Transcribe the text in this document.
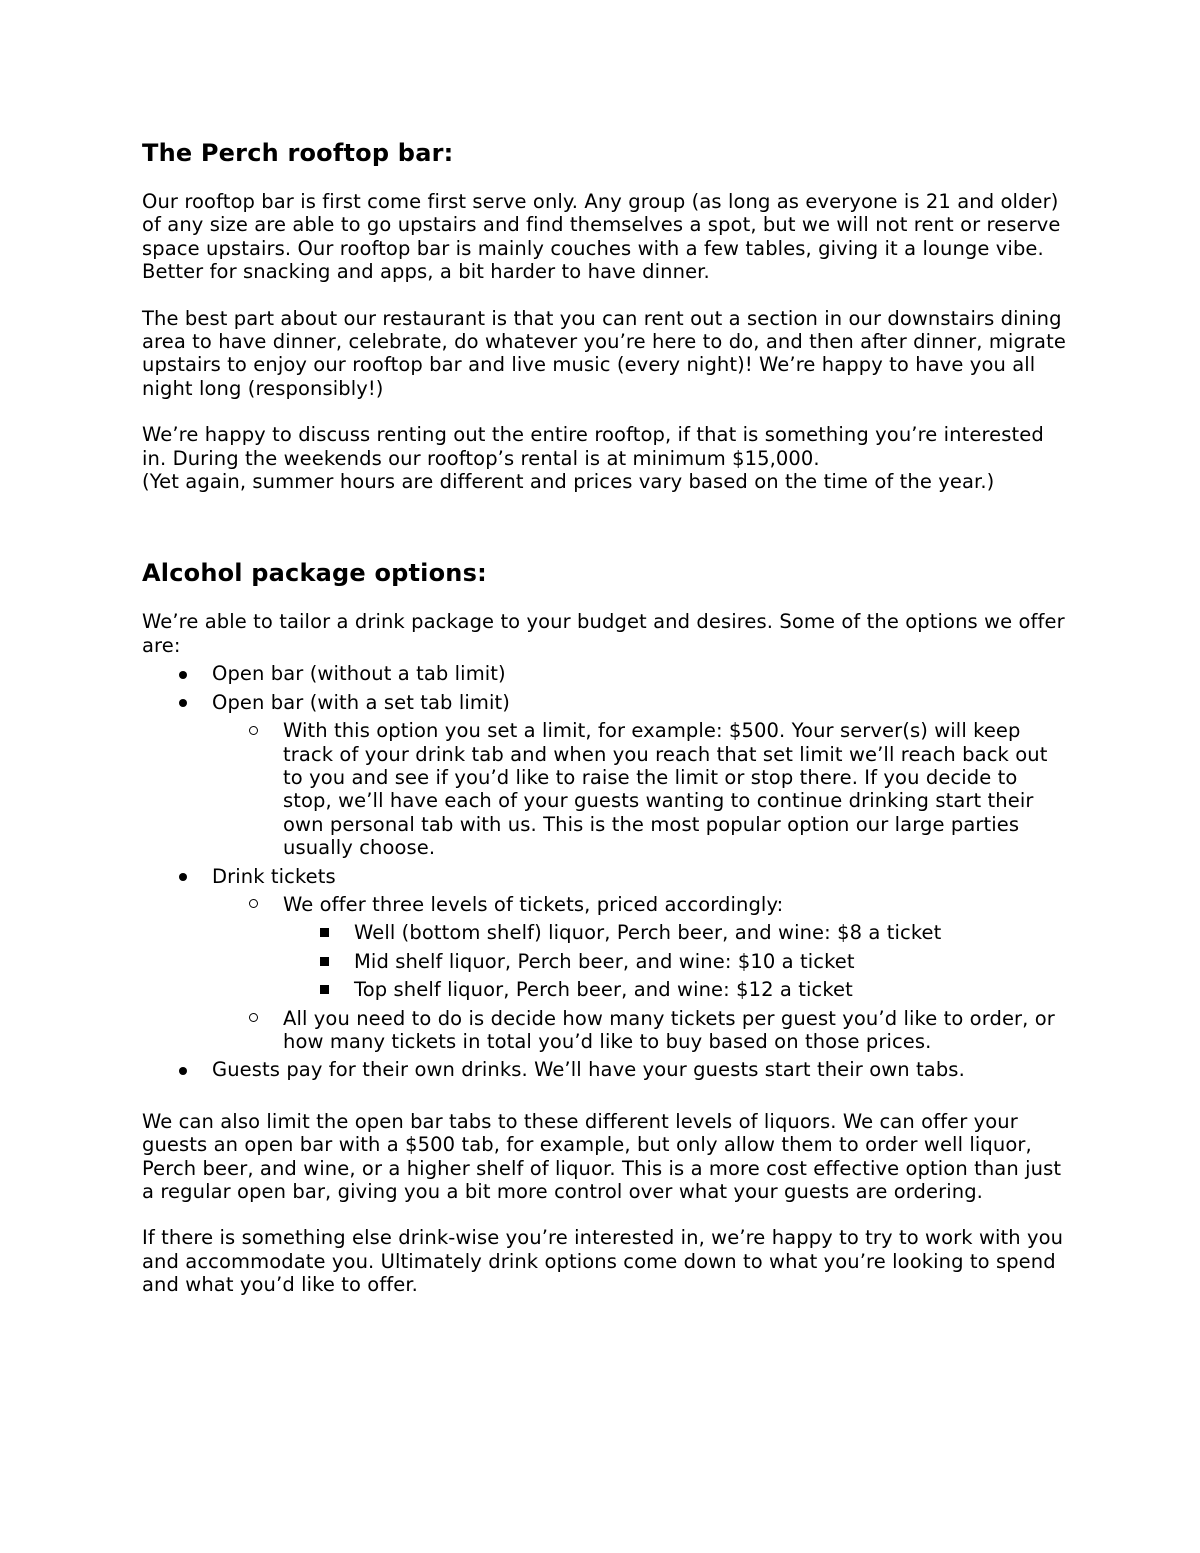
The Perch rooftop bar:

Our rooftop bar is first come first serve only. Any group (as long as everyone is 21 and older) of any size are able to go upstairs and find themselves a spot, but we will not rent or reserve space upstairs. Our rooftop bar is mainly couches with a few tables, giving it a lounge vibe. Better for snacking and apps, a bit harder to have dinner.

The best part about our restaurant is that you can rent out a section in our downstairs dining area to have dinner, celebrate, do whatever you’re here to do, and then after dinner, migrate upstairs to enjoy our rooftop bar and live music (every night)! We’re happy to have you all night long (responsibly!)

We’re happy to discuss renting out the entire rooftop, if that is something you’re interested in. During the weekends our rooftop’s rental is at minimum $15,000.
(Yet again, summer hours are different and prices vary based on the time of the year.)

Alcohol package options:

We’re able to tailor a drink package to your budget and desires. Some of the options we offer are:

Open bar (without a tab limit)
Open bar (with a set tab limit)
With this option you set a limit, for example: $500. Your server(s) will keep track of your drink tab and when you reach that set limit we’ll reach back out to you and see if you’d like to raise the limit or stop there. If you decide to stop, we’ll have each of your guests wanting to continue drinking start their own personal tab with us. This is the most popular option our large parties usually choose.
Drink tickets
We offer three levels of tickets, priced accordingly:
Well (bottom shelf) liquor, Perch beer, and wine: $8 a ticket
Mid shelf liquor, Perch beer, and wine: $10 a ticket
Top shelf liquor, Perch beer, and wine: $12 a ticket
All you need to do is decide how many tickets per guest you’d like to order, or how many tickets in total you’d like to buy based on those prices.
Guests pay for their own drinks. We’ll have your guests start their own tabs.

We can also limit the open bar tabs to these different levels of liquors. We can offer your guests an open bar with a $500 tab, for example, but only allow them to order well liquor, Perch beer, and wine, or a higher shelf of liquor. This is a more cost effective option than just a regular open bar, giving you a bit more control over what your guests are ordering.

If there is something else drink-wise you’re interested in, we’re happy to try to work with you and accommodate you. Ultimately drink options come down to what you’re looking to spend and what you’d like to offer.
